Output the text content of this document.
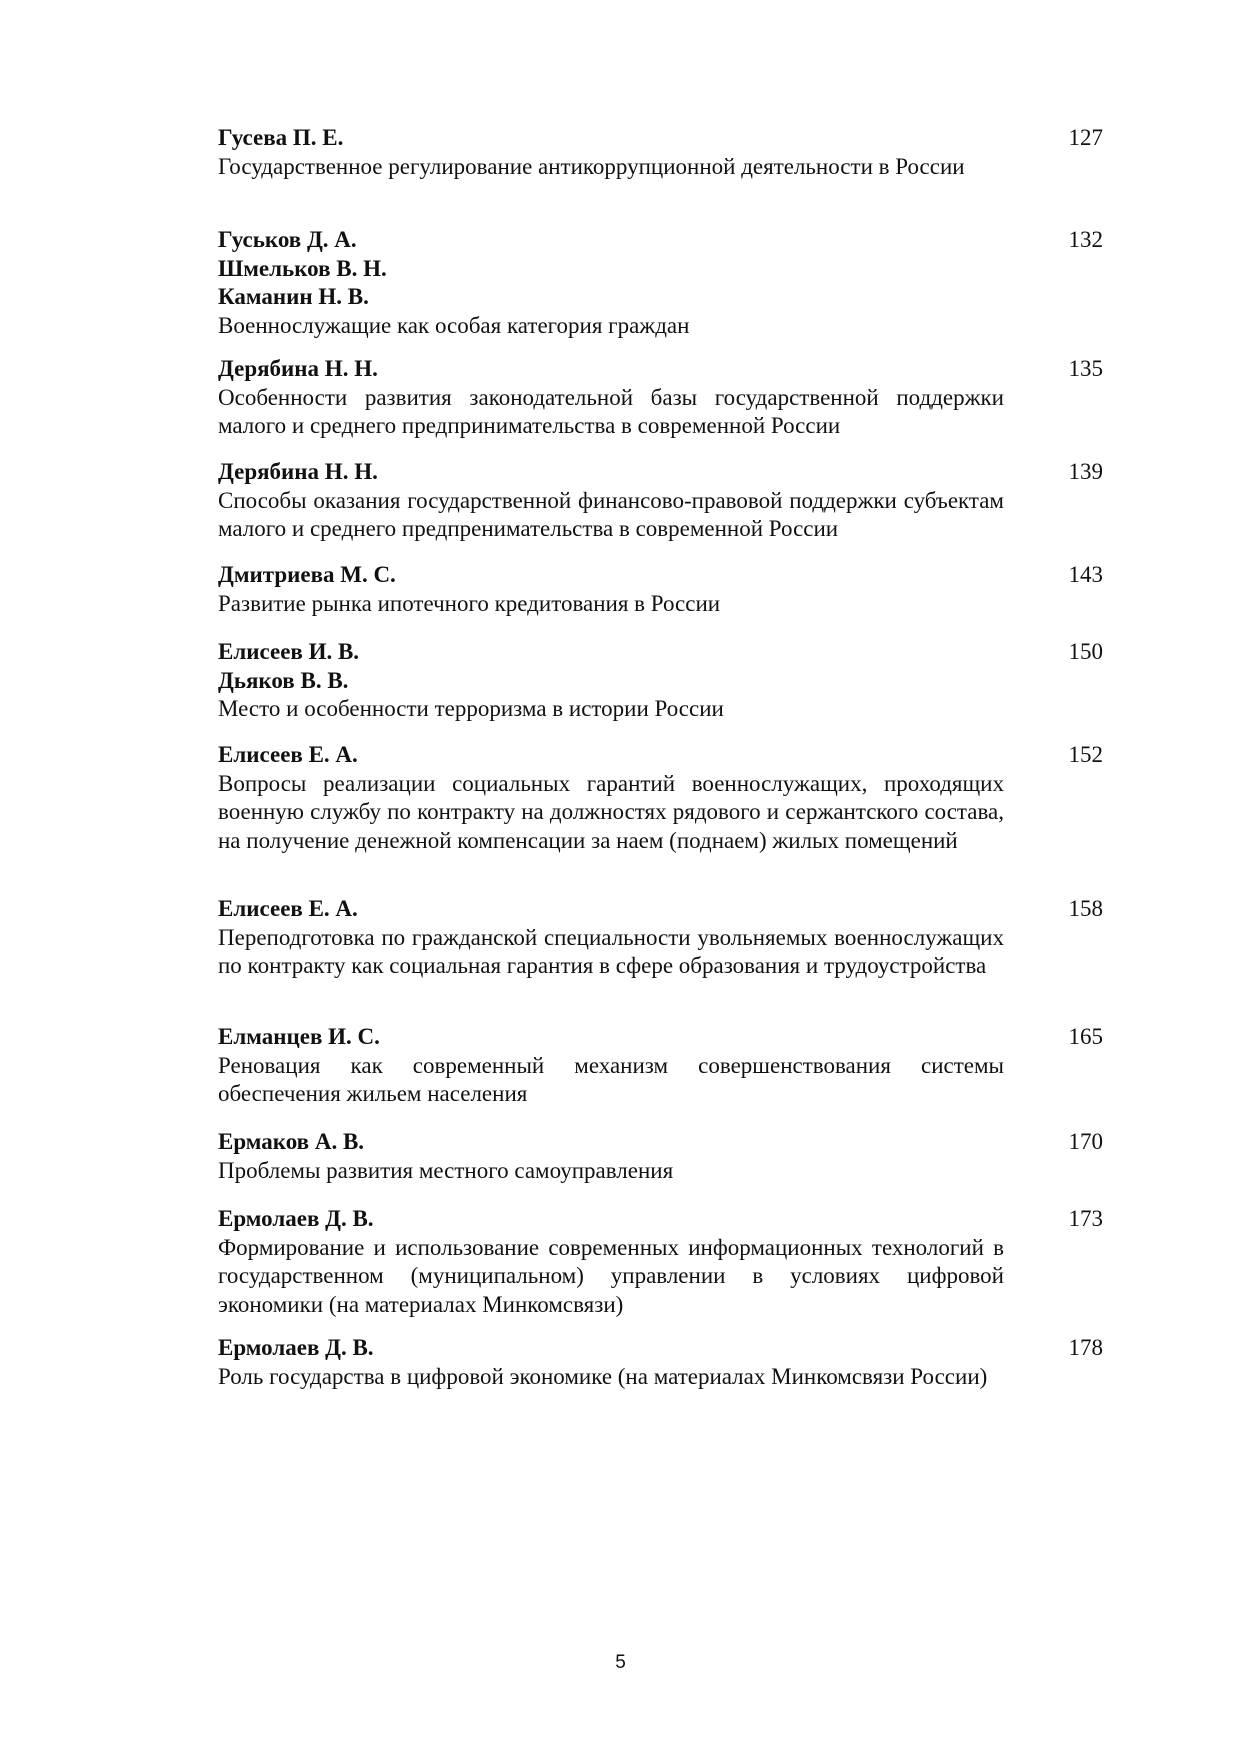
Гусева П. Е.
Государственное регулирование антикоррупционной деятельности в России
127
Гуськов Д. А.
Шмельков В. Н.
Каманин Н. В.
Военнослужащие как особая категория граждан
132
Дерябина Н. Н.
Особенности развития законодательной базы государственной поддержки малого и среднего предпринимательства в современной России
135
Дерябина Н. Н.
Способы оказания государственной финансово-правовой поддержки субъектам малого и среднего предпренимательства в современной России
139
Дмитриева М. С.
Развитие рынка ипотечного кредитования в России
143
Елисеев И. В.
Дьяков В. В.
Место и особенности терроризма в истории России
150
Елисеев Е. А.
Вопросы реализации социальных гарантий военнослужащих, проходящих военную службу по контракту на должностях рядового и сержантского состава, на получение денежной компенсации за наем (поднаем) жилых помещений
152
Елисеев Е. А.
Переподготовка по гражданской специальности увольняемых военнослужащих по контракту как социальная гарантия в сфере образования и трудоустройства
158
Елманцев И. С.
Реновация как современный механизм совершенствования системы обеспечения жильем населения
165
Ермаков А. В.
Проблемы развития местного самоуправления
170
Ермолаев Д. В.
Формирование и использование современных информационных технологий в государственном (муниципальном) управлении в условиях цифровой экономики (на материалах Минкомсвязи)
173
Ермолаев Д. В.
Роль государства в цифровой экономике (на материалах Минкомсвязи России)
178
5
